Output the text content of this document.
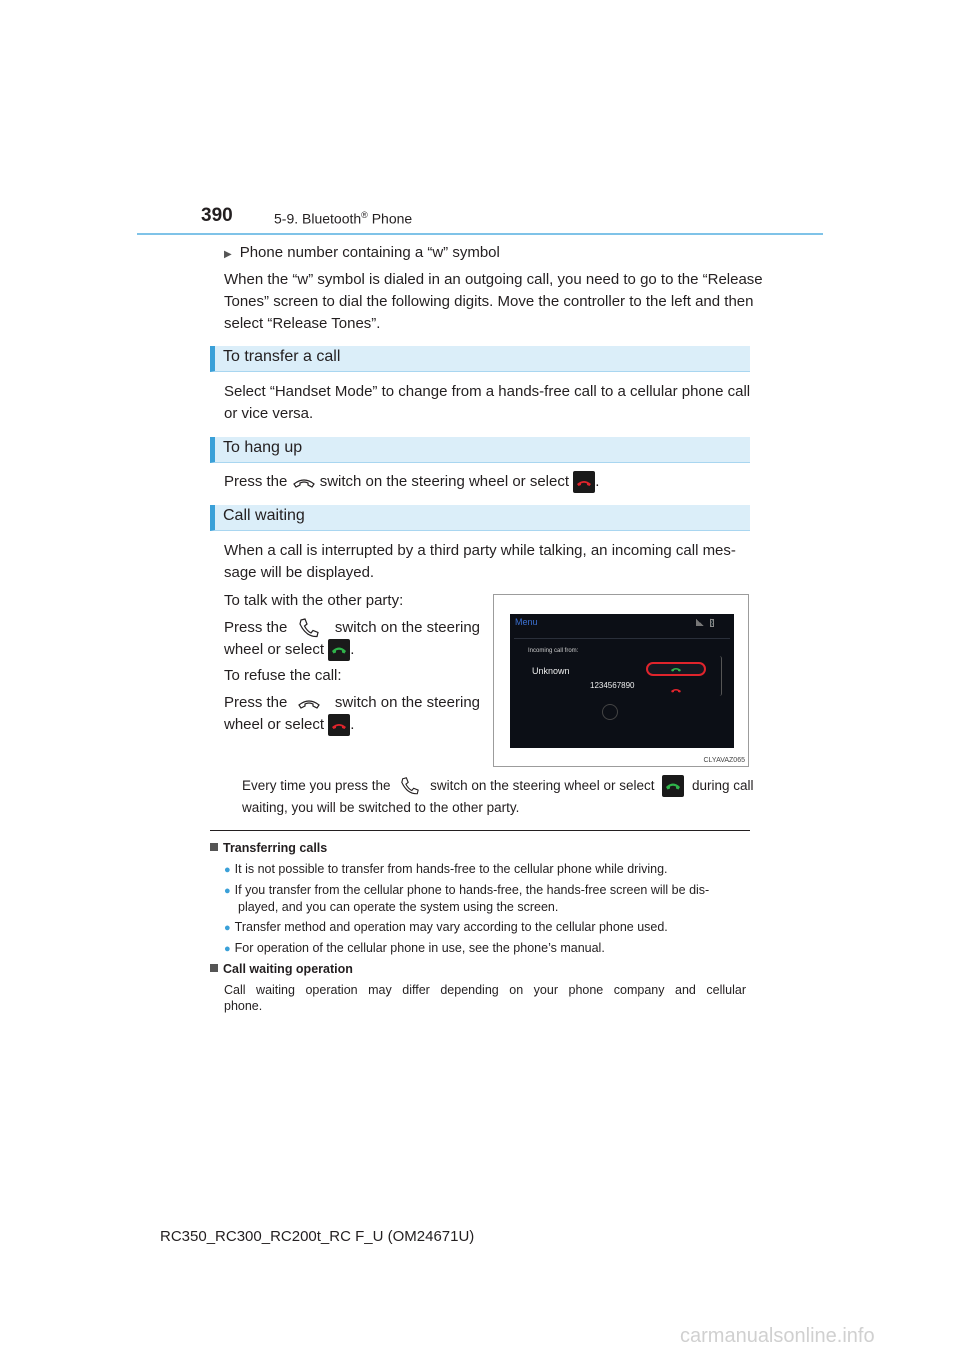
390	5-9. Bluetooth® Phone
▶ Phone number containing a “w” symbol
When the “w” symbol is dialed in an outgoing call, you need to go to the “Release
Tones” screen to dial the following digits. Move the controller to the left and then
select “Release Tones”.
To transfer a call
Select “Handset Mode” to change from a hands-free call to a cellular phone call
or vice versa.
To hang up
Press the switch on the steering wheel or select .
Call waiting
When a call is interrupted by a third party while talking, an incoming call mes-
sage will be displayed.
To talk with the other party:
Press the	switch on the steering
wheel or select .
To refuse the call:
Press the	switch on the steering
wheel or select .
Menu	ᛒ
Incoming call from:
Unknown
1234567890
CLYAVAZ065
Every time you press the	switch on the steering wheel or select	during call
waiting, you will be switched to the other party.
Transferring calls
● It is not possible to transfer from hands-free to the cellular phone while driving.
● If you transfer from the cellular phone to hands-free, the hands-free screen will be dis-
played, and you can operate the system using the screen.
● Transfer method and operation may vary according to the cellular phone used.
● For operation of the cellular phone in use, see the phone’s manual.
Call waiting operation
Call waiting operation may differ depending on your phone company and cellular
phone.
RC350_RC300_RC200t_RC F_U (OM24671U)
carmanualsonline.info
